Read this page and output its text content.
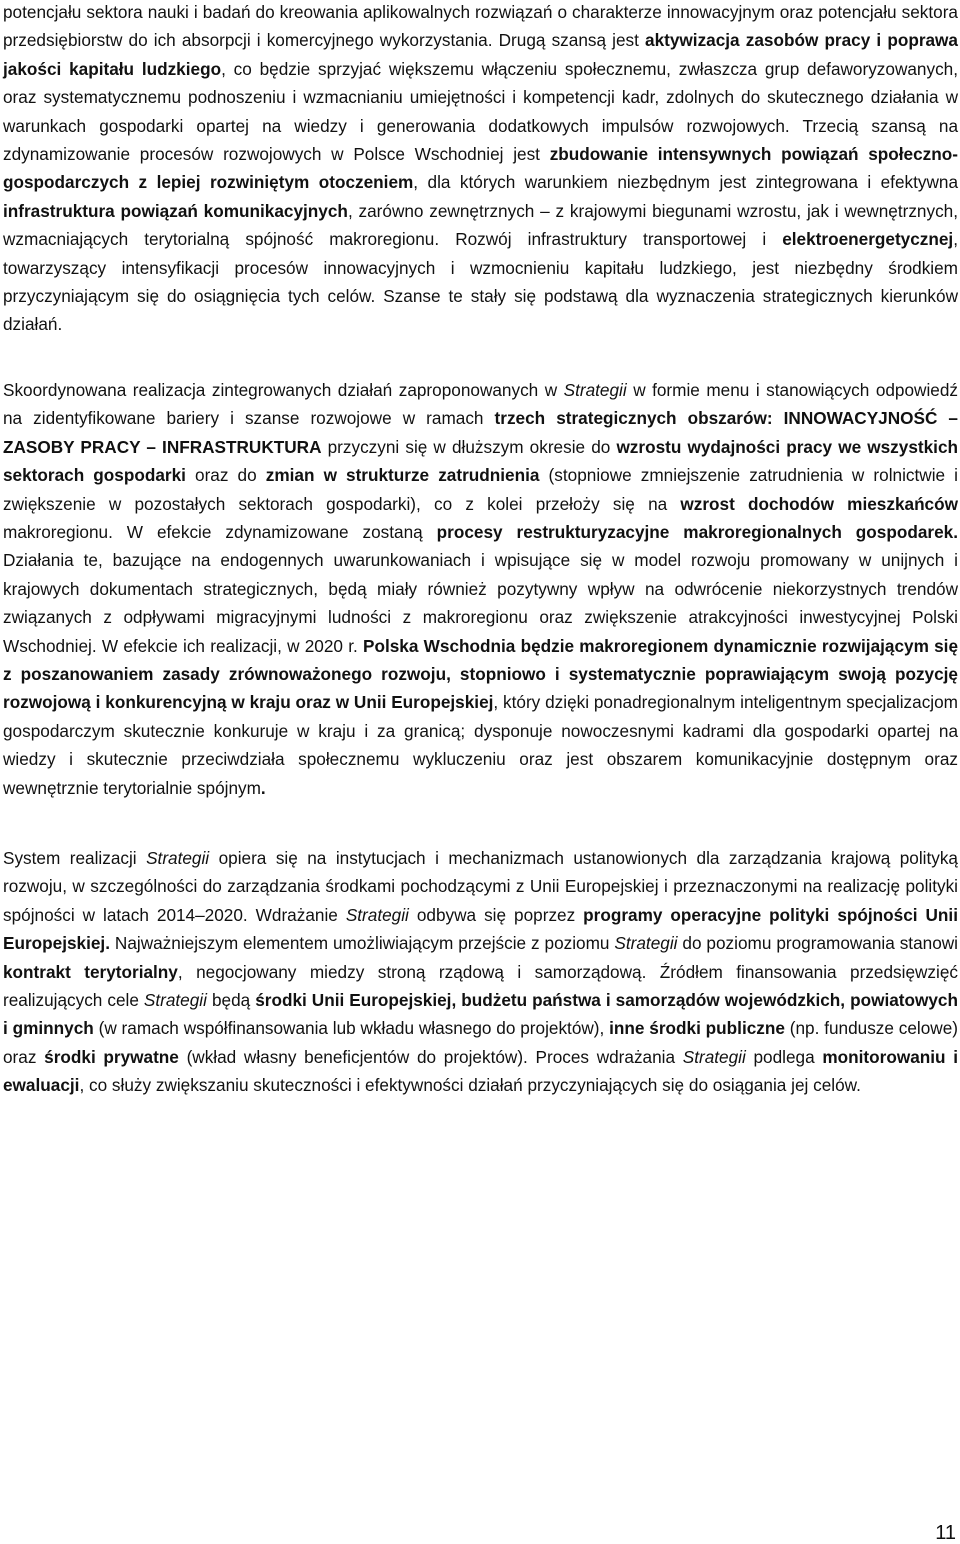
potencjału sektora nauki i badań do kreowania aplikowalnych rozwiązań o charakterze innowacyjnym oraz potencjału sektora przedsiębiorstw do ich absorpcji i komercyjnego wykorzystania. Drugą szansą jest aktywizacja zasobów pracy i poprawa jakości kapitału ludzkiego, co będzie sprzyjać większemu włączeniu społecznemu, zwłaszcza grup defaworyzowanych, oraz systematycznemu podnoszeniu i wzmacnianiu umiejętności i kompetencji kadr, zdolnych do skutecznego działania w warunkach gospodarki opartej na wiedzy i generowania dodatkowych impulsów rozwojowych. Trzecią szansą na zdynamizowanie procesów rozwojowych w Polsce Wschodniej jest zbudowanie intensywnych powiązań społeczno-gospodarczych z lepiej rozwiniętym otoczeniem, dla których warunkiem niezbędnym jest zintegrowana i efektywna infrastruktura powiązań komunikacyjnych, zarówno zewnętrznych – z krajowymi biegunami wzrostu, jak i wewnętrznych, wzmacniających terytorialną spójność makroregionu. Rozwój infrastruktury transportowej i elektroenergetycznej, towarzyszący intensyfikacji procesów innowacyjnych i wzmocnieniu kapitału ludzkiego, jest niezbędny środkiem przyczyniającym się do osiągnięcia tych celów. Szanse te stały się podstawą dla wyznaczenia strategicznych kierunków działań.

Skoordynowana realizacja zintegrowanych działań zaproponowanych w Strategii w formie menu i stanowiących odpowiedź na zidentyfikowane bariery i szanse rozwojowe w ramach trzech strategicznych obszarów: INNOWACYJNOŚĆ – ZASOBY PRACY – INFRASTRUKTURA przyczyni się w dłuższym okresie do wzrostu wydajności pracy we wszystkich sektorach gospodarki oraz do zmian w strukturze zatrudnienia (stopniowe zmniejszenie zatrudnienia w rolnictwie i zwiększenie w pozostałych sektorach gospodarki), co z kolei przełoży się na wzrost dochodów mieszkańców makroregionu. W efekcie zdynamizowane zostaną procesy restrukturyzacyjne makroregionalnych gospodarek. Działania te, bazujące na endogennych uwarunkowaniach i wpisujące się w model rozwoju promowany w unijnych i krajowych dokumentach strategicznych, będą miały również pozytywny wpływ na odwrócenie niekorzystnych trendów związanych z odpływami migracyjnymi ludności z makroregionu oraz zwiększenie atrakcyjności inwestycyjnej Polski Wschodniej. W efekcie ich realizacji, w 2020 r. Polska Wschodnia będzie makroregionem dynamicznie rozwijającym się z poszanowaniem zasady zrównoważonego rozwoju, stopniowo i systematycznie poprawiającym swoją pozycję rozwojową i konkurencyjną w kraju oraz w Unii Europejskiej, który dzięki ponadregionalnym inteligentnym specjalizacjom gospodarczym skutecznie konkuruje w kraju i za granicą; dysponuje nowoczesnymi kadrami dla gospodarki opartej na wiedzy i skutecznie przeciwdziała społecznemu wykluczeniu oraz jest obszarem komunikacyjnie dostępnym oraz wewnętrznie terytorialnie spójnym.

System realizacji Strategii opiera się na instytucjach i mechanizmach ustanowionych dla zarządzania krajową polityką rozwoju, w szczególności do zarządzania środkami pochodzącymi z Unii Europejskiej i przeznaczonymi na realizację polityki spójności w latach 2014–2020. Wdrażanie Strategii odbywa się poprzez programy operacyjne polityki spójności Unii Europejskiej. Najważniejszym elementem umożliwiającym przejście z poziomu Strategii do poziomu programowania stanowi kontrakt terytorialny, negocjowany miedzy stroną rządową i samorządową. Źródłem finansowania przedsięwzięć realizujących cele Strategii będą środki Unii Europejskiej, budżetu państwa i samorządów wojewódzkich, powiatowych i gminnych (w ramach współfinansowania lub wkładu własnego do projektów), inne środki publiczne (np. fundusze celowe) oraz środki prywatne (wkład własny beneficjentów do projektów). Proces wdrażania Strategii podlega monitorowaniu i ewaluacji, co służy zwiększaniu skuteczności i efektywności działań przyczyniających się do osiągania jej celów.

11
